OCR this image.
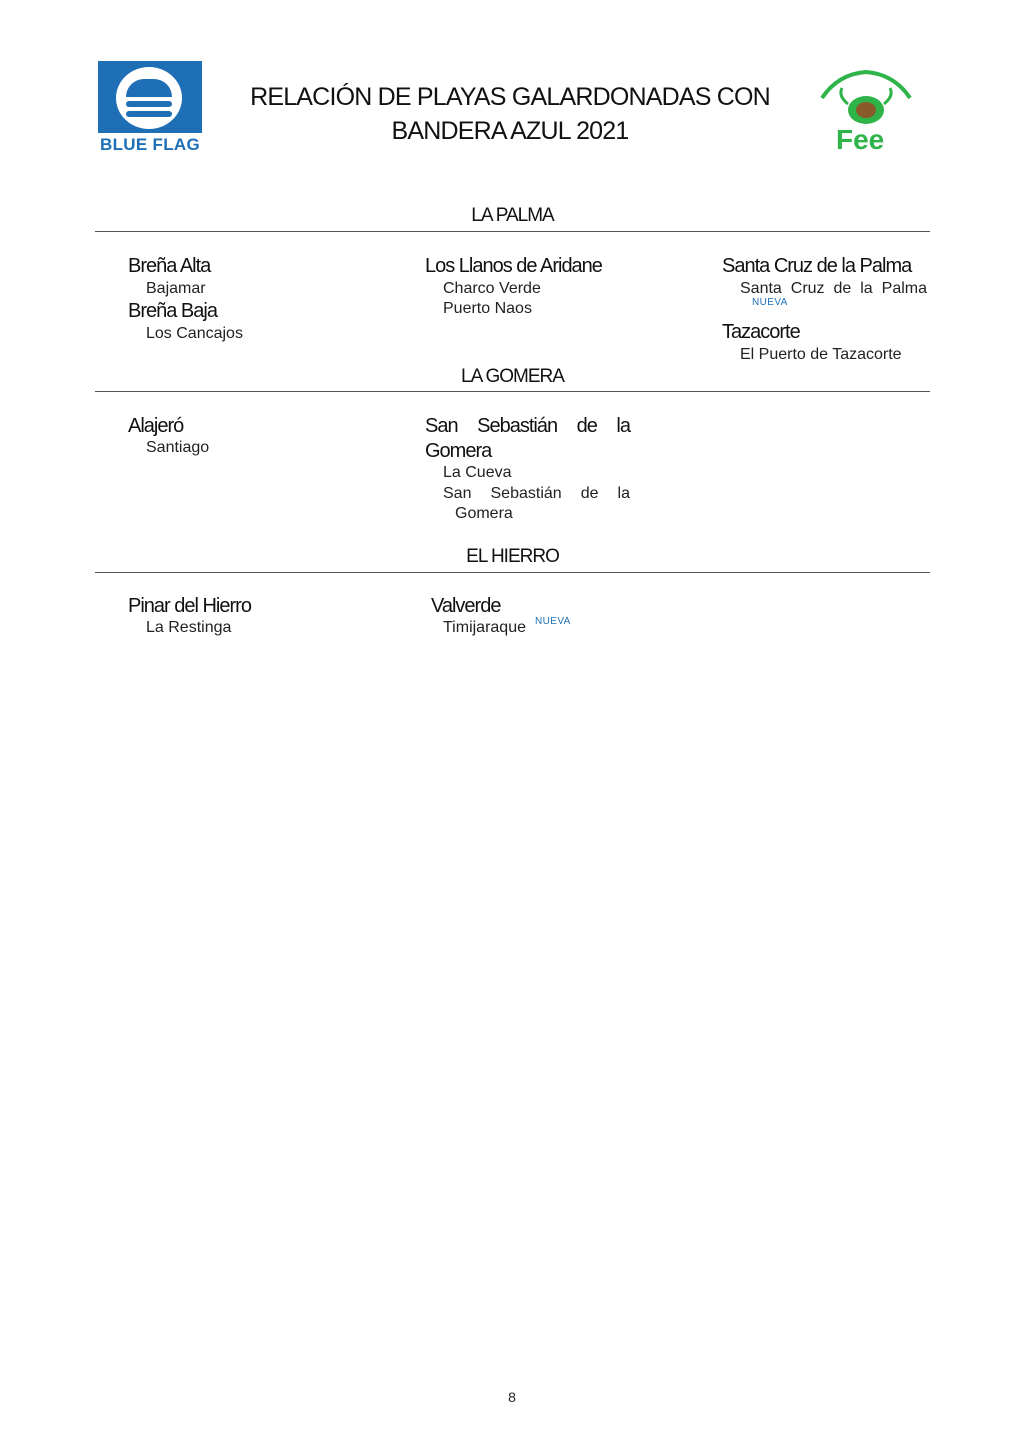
BLUE FLAG
RELACIÓN DE PLAYAS GALARDONADAS CON
BANDERA AZUL 2021	Fee
LA PALMA
Breña Alta
Bajamar
Breña Baja
Los Cancajos
Los Llanos de Aridane
Charco Verde
Puerto Naos
Santa Cruz de la Palma
Santa Cruz de la Palma
NUEVA
Tazacorte
El Puerto de Tazacorte
LA GOMERA
Alajeró
Santiago
San Sebastián de la
Gomera
La Cueva
San Sebastián de la
Gomera
EL HIERRO
Pinar del Hierro
La Restinga
Valverde
Timijaraque NUEVA
8
